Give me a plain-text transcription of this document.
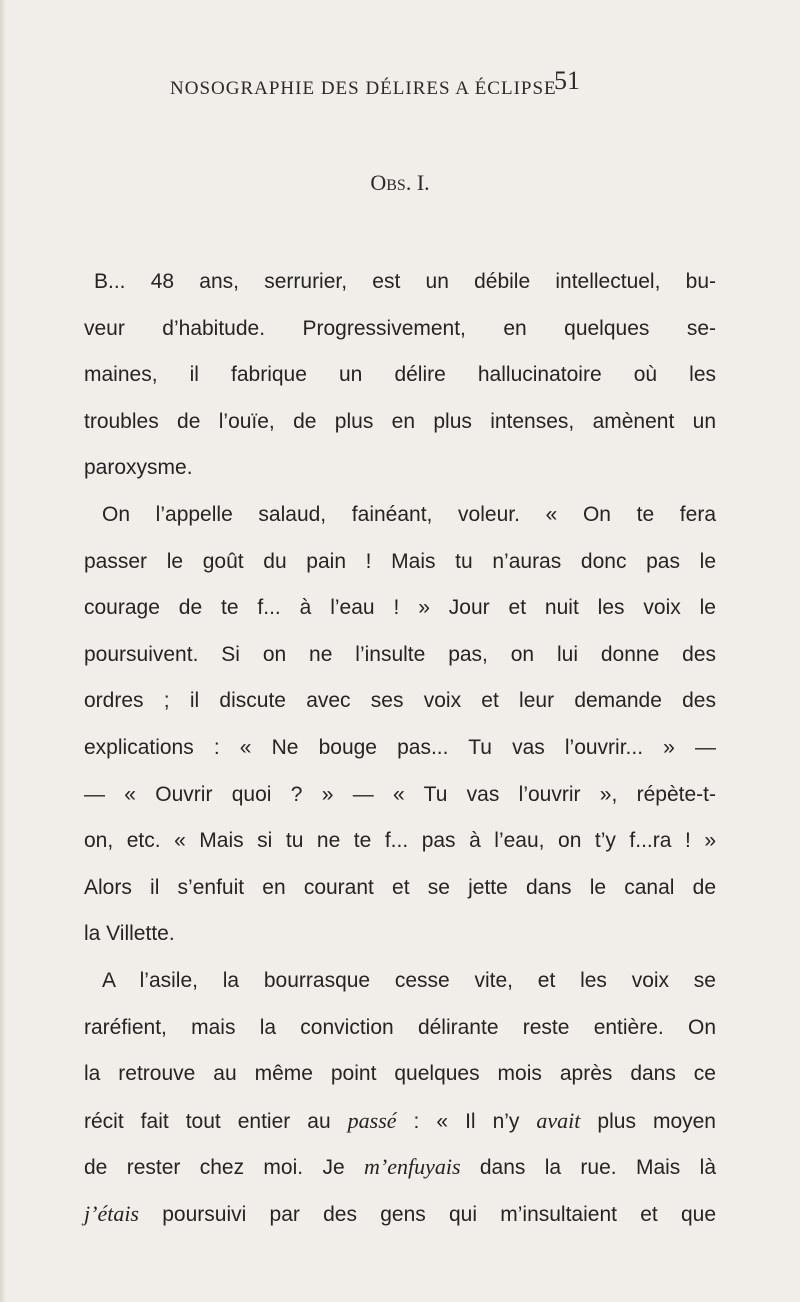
NOSOGRAPHIE DES DÉLIRES A ÉCLIPSE
51
OBS. I.
B... 48 ans, serrurier, est un débile intellectuel, bu-
veur d’habitude. Progressivement, en quelques se-
maines, il fabrique un délire hallucinatoire où les
troubles de l’ouïe, de plus en plus intenses, amènent un
paroxysme.
On l’appelle salaud, fainéant, voleur. « On te fera
passer le goût du pain ! Mais tu n’auras donc pas le
courage de te f... à l’eau ! » Jour et nuit les voix le
poursuivent. Si on ne l’insulte pas, on lui donne des
ordres ; il discute avec ses voix et leur demande des
explications : « Ne bouge pas... Tu vas l’ouvrir... » —
— « Ouvrir quoi ? » — « Tu vas l’ouvrir », répète-t-
on, etc. « Mais si tu ne te f... pas à l’eau, on t’y f...ra ! »
Alors il s’enfuit en courant et se jette dans le canal de
la Villette.
A l’asile, la bourrasque cesse vite, et les voix se
raréfient, mais la conviction délirante reste entière. On
la retrouve au même point quelques mois après dans ce
récit fait tout entier au passé : « Il n’y avait plus moyen
de rester chez moi. Je m’enfuyais dans la rue. Mais là
j’étais poursuivi par des gens qui m’insultaient et que
